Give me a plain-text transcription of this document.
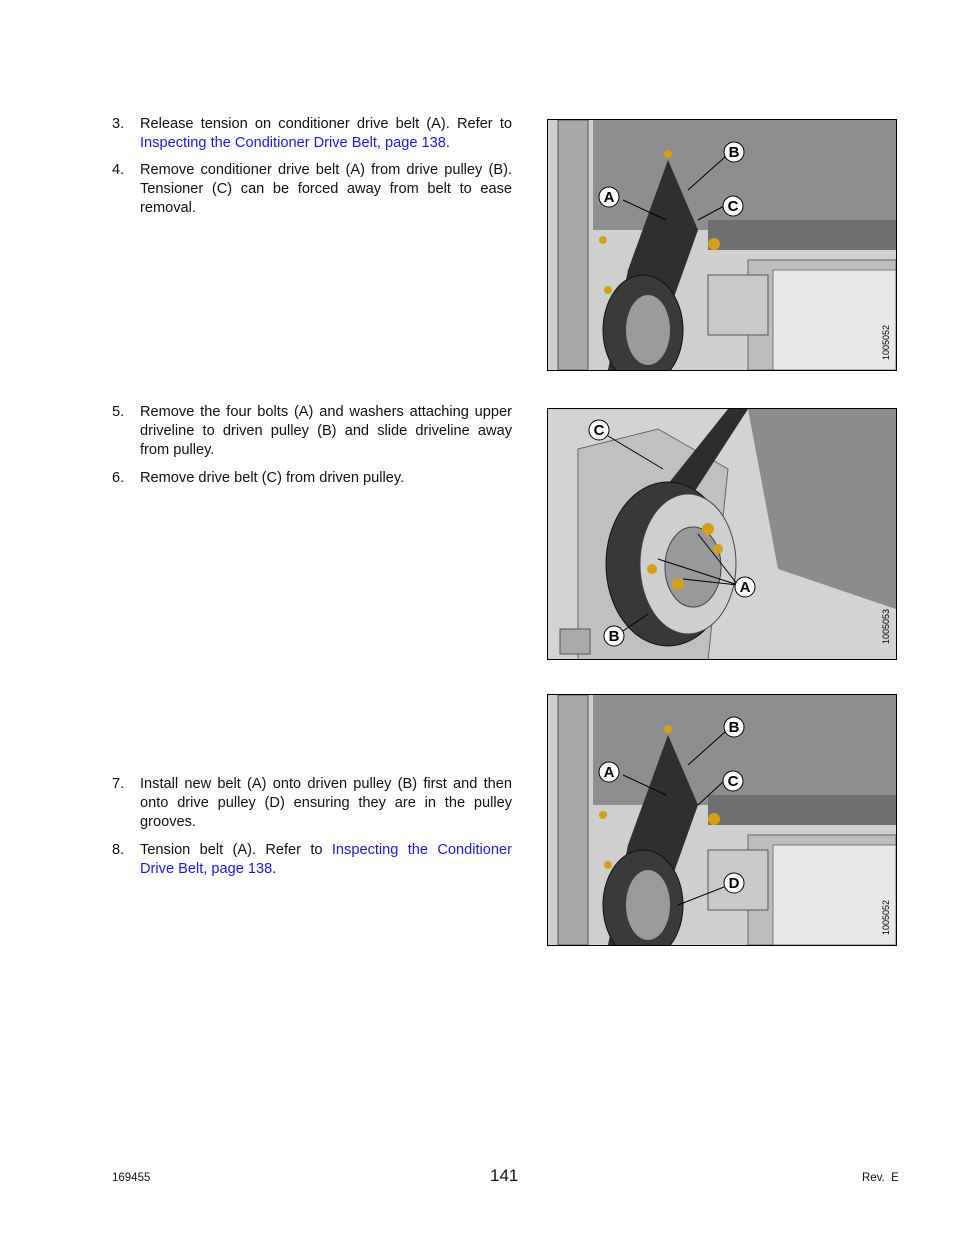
3.	Release tension on conditioner drive belt (A). Refer to Inspecting the Conditioner Drive Belt, page 138.
4.	Remove conditioner drive belt (A) from drive pulley (B). Tensioner (C) can be forced away from belt to ease removal.
5.	Remove the four bolts (A) and washers attaching upper driveline to driven pulley (B) and slide driveline away from pulley.
6.	Remove drive belt (C) from driven pulley.
7.	Install new belt (A) onto driven pulley (B) first and then onto drive pulley (D) ensuring they are in the pulley grooves.
8.	Tension belt (A). Refer to Inspecting the Conditioner Drive Belt, page 138.
A
B
C
1005052
C
A
B	1005053
A
B
C
D
1005052
169455	141	Rev.  E
